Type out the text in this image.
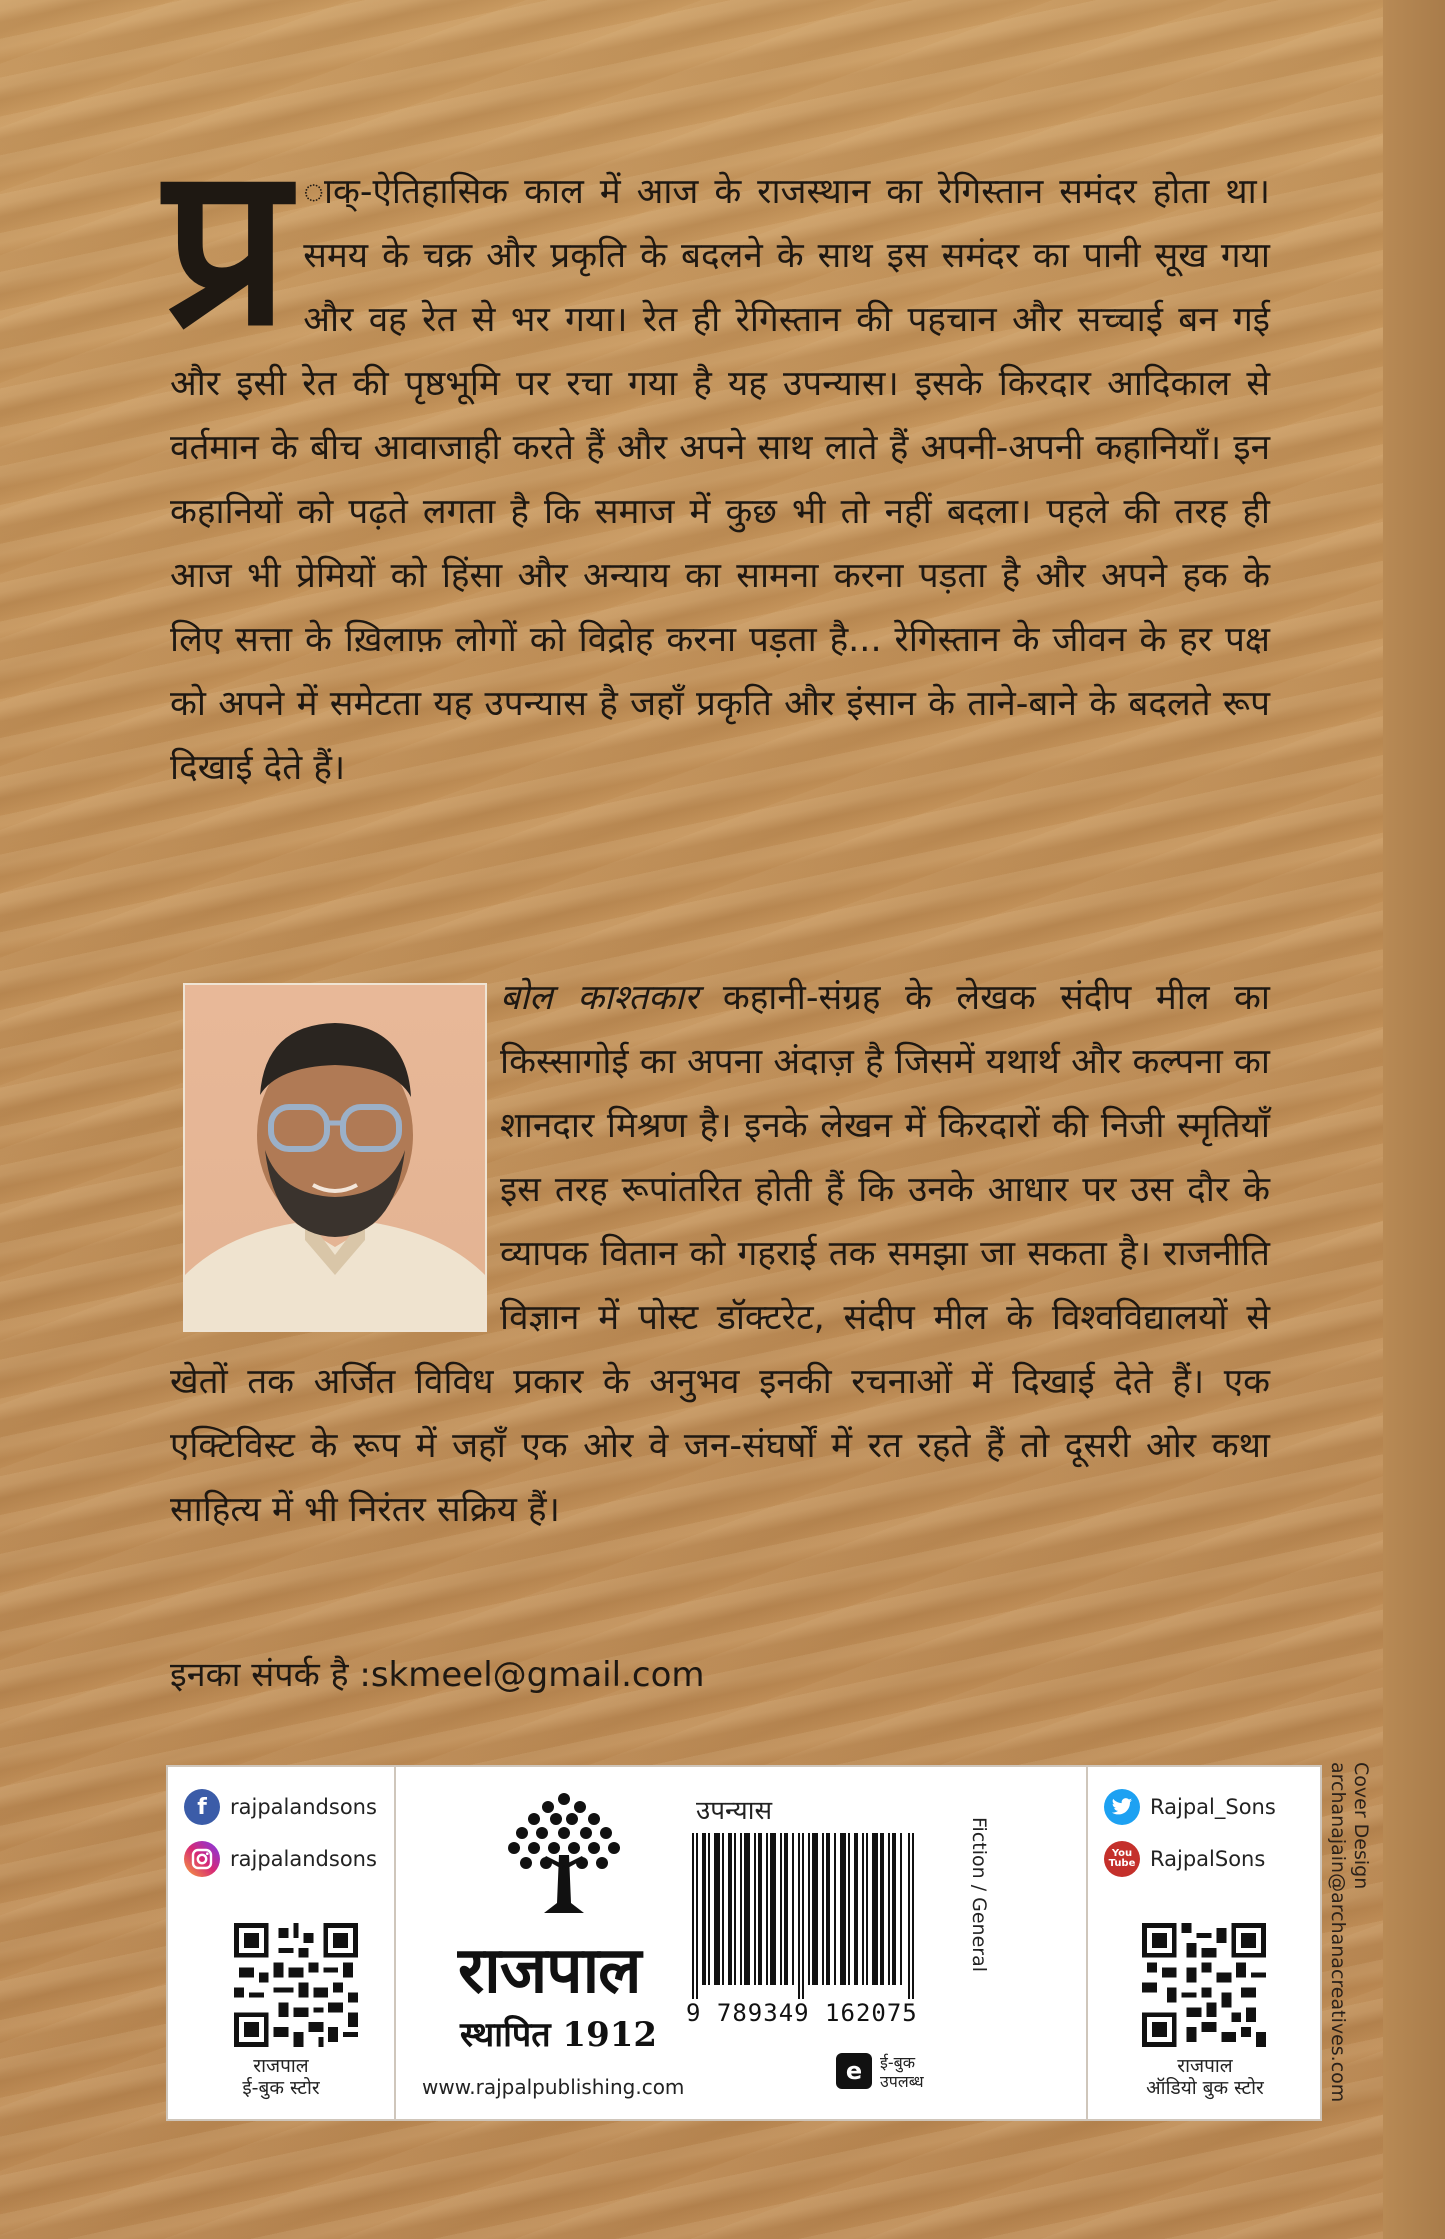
प्र ाक्-ऐतिहासिक काल में आज के राजस्थान का रेगिस्तान समंदर होता था। समय के चक्र और प्रकृति के बदलने के साथ इस समंदर का पानी सूख गया और वह रेत से भर गया। रेत ही रेगिस्तान की पहचान और सच्चाई बन गई और इसी रेत की पृष्ठभूमि पर रचा गया है यह उपन्यास। इसके किरदार आदिकाल से वर्तमान के बीच आवाजाही करते हैं और अपने साथ लाते हैं अपनी-अपनी कहानियाँ। इन कहानियों को पढ़ते लगता है कि समाज में कुछ भी तो नहीं बदला। पहले की तरह ही आज भी प्रेमियों को हिंसा और अन्याय का सामना करना पड़ता है और अपने हक के लिए सत्ता के ख़िलाफ़ लोगों को विद्रोह करना पड़ता है... रेगिस्तान के जीवन के हर पक्ष को अपने में समेटता यह उपन्यास है जहाँ प्रकृति और इंसान के ताने-बाने के बदलते रूप दिखाई देते हैं।

बोल काश्तकार कहानी-संग्रह के लेखक संदीप मील का किस्सागोई का अपना अंदाज़ है जिसमें यथार्थ और कल्पना का शानदार मिश्रण है। इनके लेखन में किरदारों की निजी स्मृतियाँ इस तरह रूपांतरित होती हैं कि उनके आधार पर उस दौर के व्यापक वितान को गहराई तक समझा जा सकता है। राजनीति विज्ञान में पोस्ट डॉक्टरेट, संदीप मील के विश्वविद्यालयों से खेतों तक अर्जित विविध प्रकार के अनुभव इनकी रचनाओं में दिखाई देते हैं। एक एक्टिविस्ट के रूप में जहाँ एक ओर वे जन-संघर्षों में रत रहते हैं तो दूसरी ओर कथा साहित्य में भी निरंतर सक्रिय हैं।

इनका संपर्क है :skmeel@gmail.com

f	rajpalandsons
rajpalandsons
राजपाल
ई-बुक स्टोर
राजपाल
स्थापित 1912
www.rajpalpublishing.com
उपन्यास
9 789349 162075
Fiction / General
e	ई-बुक
उपलब्ध
Rajpal_Sons
You
Tube RajpalSons
राजपाल
ऑडियो बुक स्टोर
Cover Design
archanajain@archanacreatives.com
